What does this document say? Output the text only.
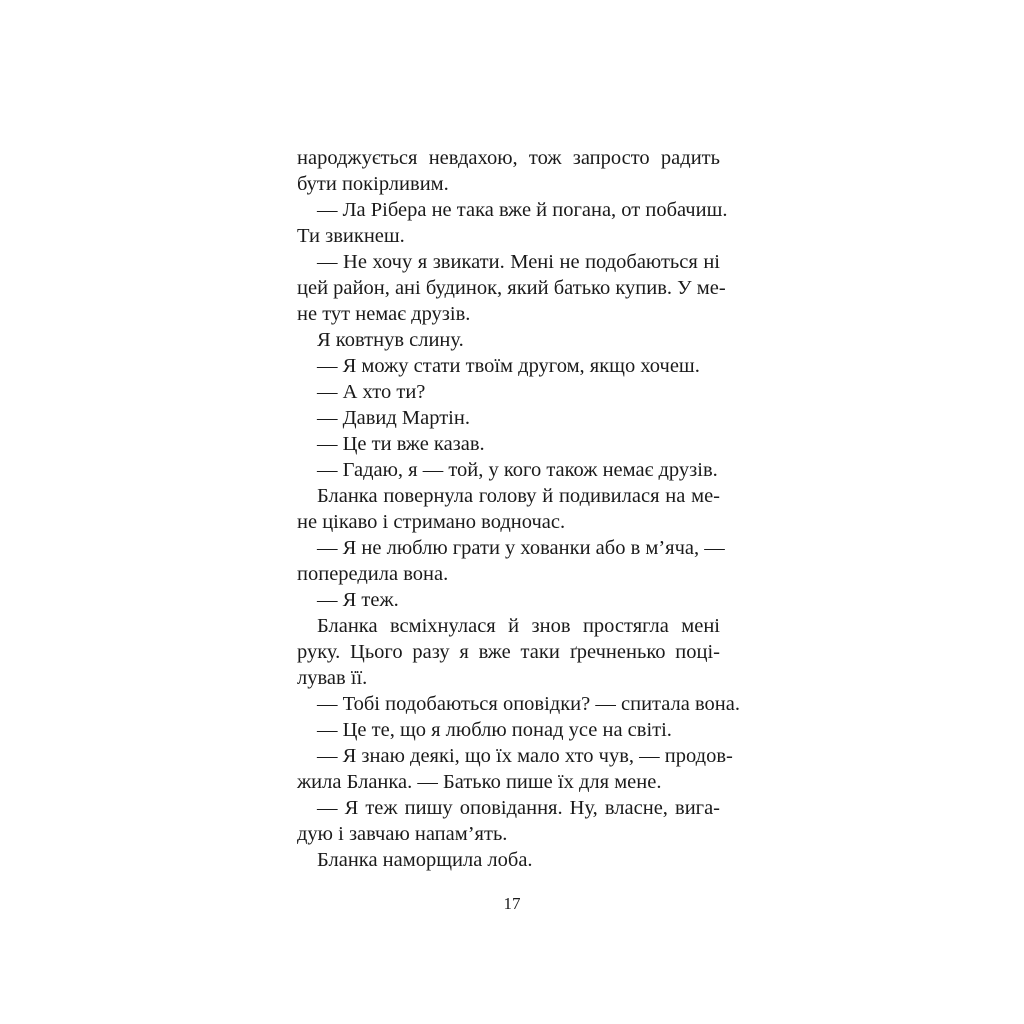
народжується невдахою, тож запросто радить
бути покірливим.
— Ла Рібера не така вже й погана, от побачиш.
Ти звикнеш.
— Не хочу я звикати. Мені не подобаються ні
цей район, ані будинок, який батько купив. У ме-
не тут немає друзів.
Я ковтнув слину.
— Я можу стати твоїм другом, якщо хочеш.
— А хто ти?
— Давид Мартін.
— Це ти вже казав.
— Гадаю, я — той, у кого також немає друзів.
Бланка повернула голову й подивилася на ме-
не цікаво і стримано водночас.
— Я не люблю грати у хованки або в м’яча, —
попередила вона.
— Я теж.
Бланка всміхнулася й знов простягла мені
руку. Цього разу я вже таки ґречненько поці-
лував її.
— Тобі подобаються оповідки? — спитала вона.
— Це те, що я люблю понад усе на світі.
— Я знаю деякі, що їх мало хто чув, — продов-
жила Бланка. — Батько пише їх для мене.
— Я теж пишу оповідання. Ну, власне, вига-
дую і завчаю напам’ять.
Бланка наморщила лоба.
17
